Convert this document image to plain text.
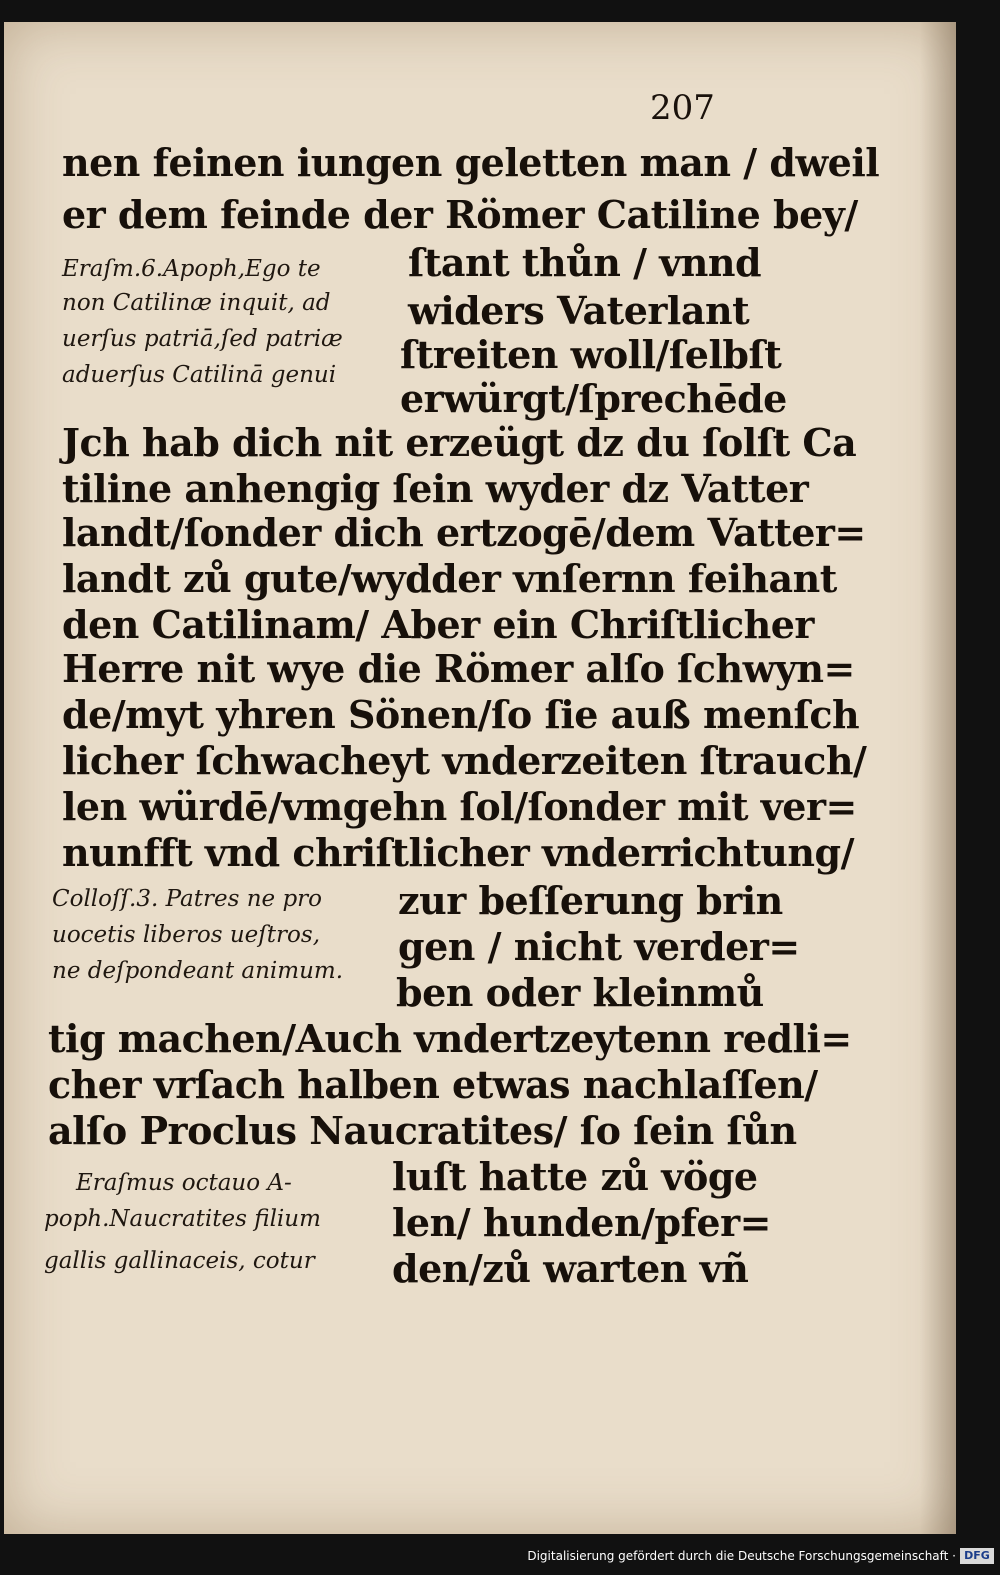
207
nen feinen iungen geletten man / dweil
er dem feinde der Römer Catiline bey/
ſtant thůn / vnnd
widers Vaterlant
ſtreiten woll/ſelbſt
erwürgt/ſprechēde
Eraſm.6.Apoph,Ego te
non Catilinæ inquit, ad
uerſus patriā,ſed patriæ
aduerſus Catilinā genui
Jch hab dich nit erzeügt dz du ſolſt Ca
tiline anhengig ſein wyder dz Vatter
landt/ſonder dich ertzogē/dem Vatter=
landt zů gute/wydder vnſernn feihant
den Catilinam/ Aber ein Chriſtlicher
Herre nit wye die Römer alſo ſchwyn=
de/myt yhren Sönen/ſo ſie auß menſch
licher ſchwacheyt vnderzeiten ſtrauch/
len würdē/vmgehn ſol/ſonder mit ver=
nunfft vnd chriſtlicher vnderrichtung/
zur beſſerung brin
gen / nicht verder=
ben oder kleinmů
Colloſſ.3. Patres ne pro
uocetis liberos ueſtros,
ne deſpondeant animum.
tig machen/Auch vndertzeytenn redli=
cher vrſach halben etwas nachlaſſen/
alſo Proclus Naucratites/ ſo ſein ſůn
luſt hatte zů vöge
len/ hunden/pfer=
den/zů warten vñ
Eraſmus octauo A-
poph.Naucratites filium
gallis gallinaceis, cotur
Digitalisierung gefördert durch die Deutsche Forschungsgemeinschaft · DFG
